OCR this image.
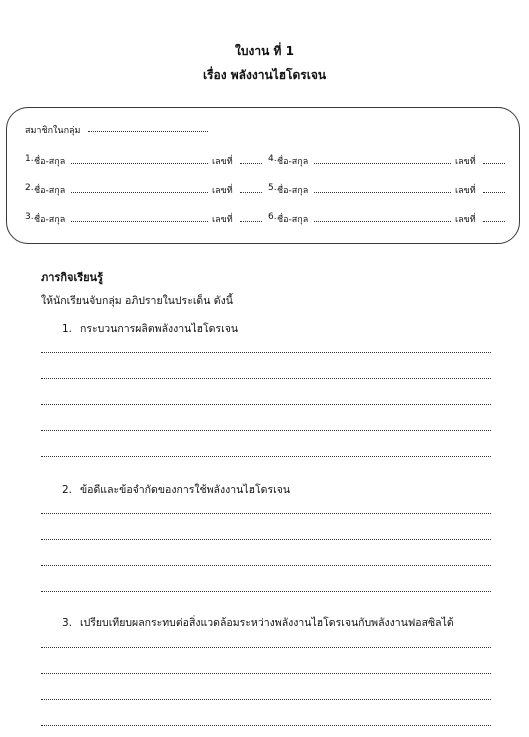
ใบงาน ที่ 1
เรื่อง พลังงานไฮโดรเจน
สมาชิกในกลุ่ม
1. ชื่อ-สกุล	เลขที่	4. ชื่อ-สกุล	เลขที่
2. ชื่อ-สกุล	เลขที่	5. ชื่อ-สกุล	เลขที่
3. ชื่อ-สกุล	เลขที่	6. ชื่อ-สกุล	เลขที่
ภารกิจเรียนรู้
ให้นักเรียนจับกลุ่ม อภิปรายในประเด็น ดังนี้
1. กระบวนการผลิตพลังงานไฮโดรเจน
2. ข้อดีและข้อจำกัดของการใช้พลังงานไฮโดรเจน
3. เปรียบเทียบผลกระทบต่อสิ่งแวดล้อมระหว่างพลังงานไฮโดรเจนกับพลังงานฟอสซิลได้
